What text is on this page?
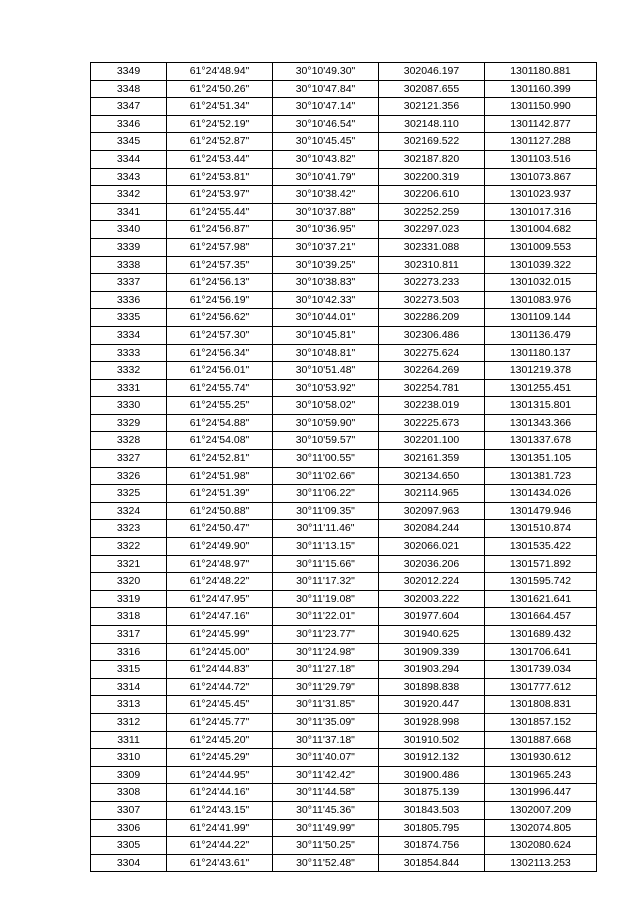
3349	61°24'48.94"	30°10'49.30"	302046.197	1301180.881
3348	61°24'50.26"	30°10'47.84"	302087.655	1301160.399
3347	61°24'51.34"	30°10'47.14"	302121.356	1301150.990
3346	61°24'52.19"	30°10'46.54"	302148.110	1301142.877
3345	61°24'52.87"	30°10'45.45"	302169.522	1301127.288
3344	61°24'53.44"	30°10'43.82"	302187.820	1301103.516
3343	61°24'53.81"	30°10'41.79"	302200.319	1301073.867
3342	61°24'53.97"	30°10'38.42"	302206.610	1301023.937
3341	61°24'55.44"	30°10'37.88"	302252.259	1301017.316
3340	61°24'56.87"	30°10'36.95"	302297.023	1301004.682
3339	61°24'57.98"	30°10'37.21"	302331.088	1301009.553
3338	61°24'57.35"	30°10'39.25"	302310.811	1301039.322
3337	61°24'56.13"	30°10'38.83"	302273.233	1301032.015
3336	61°24'56.19"	30°10'42.33"	302273.503	1301083.976
3335	61°24'56.62"	30°10'44.01"	302286.209	1301109.144
3334	61°24'57.30"	30°10'45.81"	302306.486	1301136.479
3333	61°24'56.34"	30°10'48.81"	302275.624	1301180.137
3332	61°24'56.01"	30°10'51.48"	302264.269	1301219.378
3331	61°24'55.74"	30°10'53.92"	302254.781	1301255.451
3330	61°24'55.25"	30°10'58.02"	302238.019	1301315.801
3329	61°24'54.88"	30°10'59.90"	302225.673	1301343.366
3328	61°24'54.08"	30°10'59.57"	302201.100	1301337.678
3327	61°24'52.81"	30°11'00.55"	302161.359	1301351.105
3326	61°24'51.98"	30°11'02.66"	302134.650	1301381.723
3325	61°24'51.39"	30°11'06.22"	302114.965	1301434.026
3324	61°24'50.88"	30°11'09.35"	302097.963	1301479.946
3323	61°24'50.47"	30°11'11.46"	302084.244	1301510.874
3322	61°24'49.90"	30°11'13.15"	302066.021	1301535.422
3321	61°24'48.97"	30°11'15.66"	302036.206	1301571.892
3320	61°24'48.22"	30°11'17.32"	302012.224	1301595.742
3319	61°24'47.95"	30°11'19.08"	302003.222	1301621.641
3318	61°24'47.16"	30°11'22.01"	301977.604	1301664.457
3317	61°24'45.99"	30°11'23.77"	301940.625	1301689.432
3316	61°24'45.00"	30°11'24.98"	301909.339	1301706.641
3315	61°24'44.83"	30°11'27.18"	301903.294	1301739.034
3314	61°24'44.72"	30°11'29.79"	301898.838	1301777.612
3313	61°24'45.45"	30°11'31.85"	301920.447	1301808.831
3312	61°24'45.77"	30°11'35.09"	301928.998	1301857.152
3311	61°24'45.20"	30°11'37.18"	301910.502	1301887.668
3310	61°24'45.29"	30°11'40.07"	301912.132	1301930.612
3309	61°24'44.95"	30°11'42.42"	301900.486	1301965.243
3308	61°24'44.16"	30°11'44.58"	301875.139	1301996.447
3307	61°24'43.15"	30°11'45.36"	301843.503	1302007.209
3306	61°24'41.99"	30°11'49.99"	301805.795	1302074.805
3305	61°24'44.22"	30°11'50.25"	301874.756	1302080.624
3304	61°24'43.61"	30°11'52.48"	301854.844	1302113.253
